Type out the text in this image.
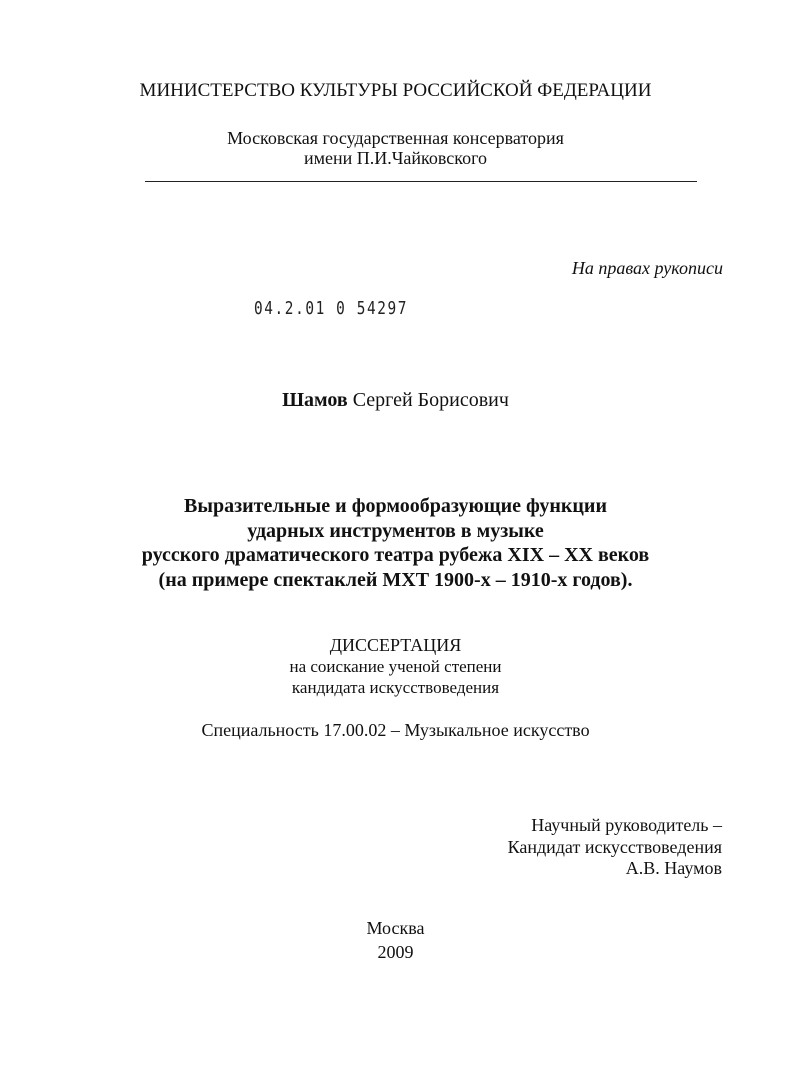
МИНИСТЕРСТВО КУЛЬТУРЫ РОССИЙСКОЙ ФЕДЕРАЦИИ
Московская государственная консерватория
имени П.И.Чайковского
На правах рукописи
04.2.01 0 54297
Шамов Сергей Борисович
Выразительные и формообразующие функции
ударных инструментов в музыке
русского драматического театра рубежа XIX – XX веков
(на примере спектаклей МХТ 1900-х – 1910-х годов).
ДИССЕРТАЦИЯ
на соискание ученой степени
кандидата искусствоведения
Специальность 17.00.02 – Музыкальное искусство
Научный руководитель –
Кандидат искусствоведения
А.В. Наумов
Москва
2009
